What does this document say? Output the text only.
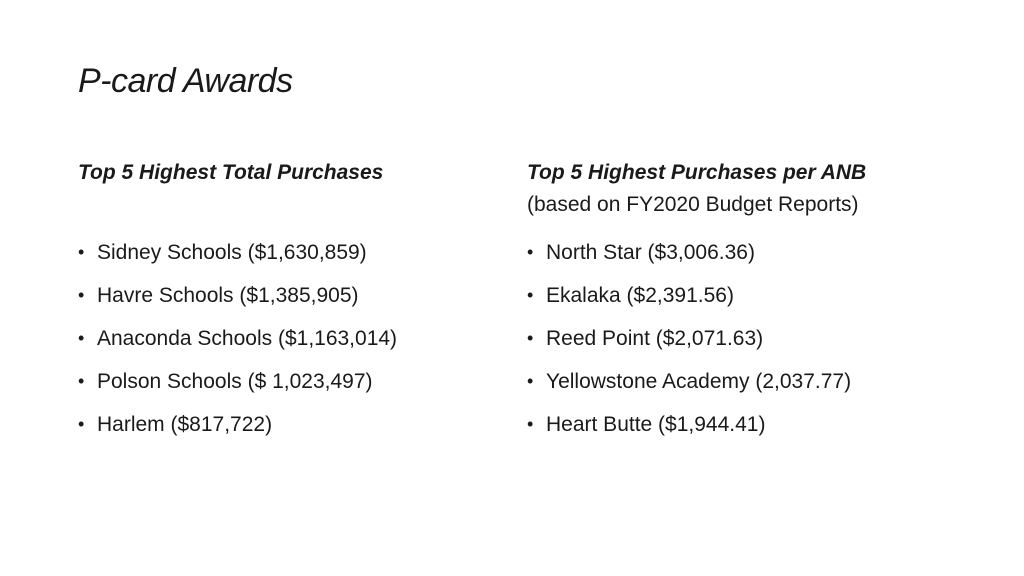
P-card Awards

Top 5 Highest Total Purchases

• Sidney Schools ($1,630,859)
• Havre Schools ($1,385,905)
• Anaconda Schools ($1,163,014)
• Polson Schools ($ 1,023,497)
• Harlem ($817,722)

Top 5 Highest Purchases per ANB

(based on FY2020 Budget Reports)

• North Star ($3,006.36)
• Ekalaka ($2,391.56)
• Reed Point ($2,071.63)
• Yellowstone Academy (2,037.77)
• Heart Butte ($1,944.41)
